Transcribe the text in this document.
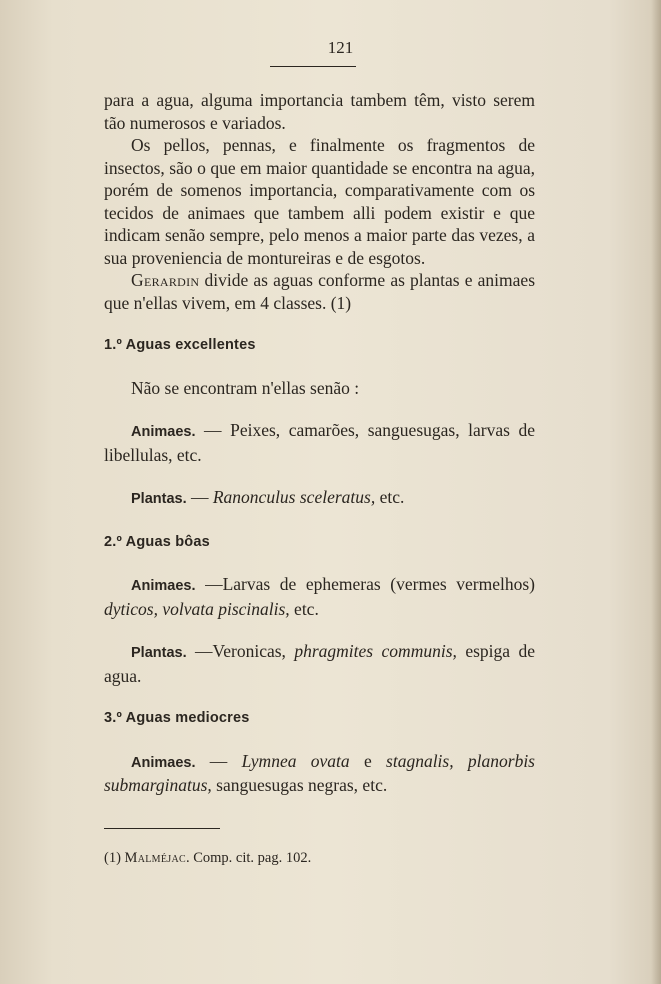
121

para a agua, alguma importancia tambem têm, visto serem tão numerosos e variados.

Os pellos, pennas, e finalmente os fragmentos de insectos, são o que em maior quantidade se encontra na agua, porém de somenos importancia, comparativamente com os tecidos de animaes que tambem alli podem existir e que indicam senão sempre, pelo menos a maior parte das vezes, a sua proveniencia de montureiras e de esgotos.

Gerardin divide as aguas conforme as plantas e animaes que n'ellas vivem, em 4 classes. (1)

1.º Aguas excellentes

Não se encontram n'ellas senão :

Animaes. — Peixes, camarões, sanguesugas, larvas de libellulas, etc.

Plantas. — Ranonculus sceleratus, etc.

2.º Aguas bôas

Animaes. —Larvas de ephemeras (vermes vermelhos) dyticos, volvata piscinalis, etc.

Plantas. —Veronicas, phragmites communis, espiga de agua.

3.º Aguas mediocres

Animaes. — Lymnea ovata e stagnalis, planorbis submarginatus, sanguesugas negras, etc.

(1) Malméjac. Comp. cit. pag. 102.
